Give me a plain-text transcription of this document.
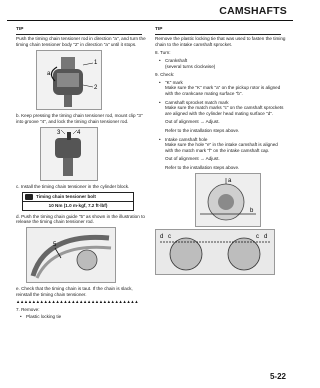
CAMSHAFTS
TIP

Push the timing chain tensioner rod in direction "a", and turn the timing chain tensioner body "2" in direction "a" until it stops.

1
2
a

b. Keep pressing the timing chain tensioner rod, mount clip "3" into groove "4", and lock the timing chain tensioner rod.

3	4

c. Install the timing chain tensioner in the cylinder block.

Timing chain tensioner bolt
10 Nm (1.0 m·kgf, 7.2 ft·lbf)

d. Push the timing chain guide "5" as shown in the illustration to release the timing chain tensioner rod.

5

e. Check that the timing chain is taut. If the chain is slack, reinstall the timing chain tensioner.

▲▲▲▲▲▲▲▲▲▲▲▲▲▲▲▲▲▲▲▲▲▲▲▲▲▲▲▲▲▲▲

7. Remove:

• Plastic locking tie

TIP

Remove the plastic locking tie that was used to fasten the timing chain to the intake camshaft sprocket.

8. Turn:

• Crankshaft

(several turns clockwise)

9. Check:

• "K" mark

Make sure the "K" mark "a" on the pickup rotor is aligned with the crankcase mating surface "b".

• Camshaft sprocket match mark

Make sure the match marks "c" on the camshaft sprockets are aligned with the cylinder head mating surface "d".

Out of alignment → Adjust.

Refer to the installation steps above.

• Intake camshaft hole

Make sure the hole "e" in the intake camshaft is aligned with the match mark "f" on the intake camshaft cap.

Out of alignment → Adjust.

Refer to the installation steps above.

a
b
d c	c d
5-22
